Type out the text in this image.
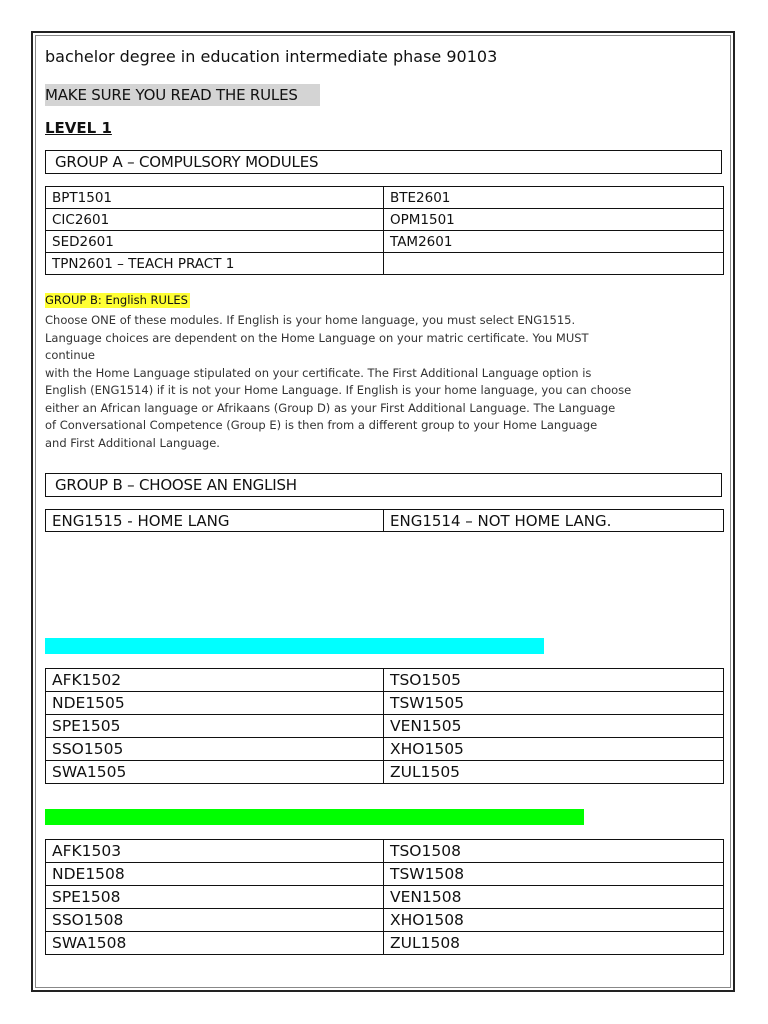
bachelor degree in education intermediate phase 90103
MAKE SURE YOU READ THE RULES
LEVEL 1
GROUP A – COMPULSORY MODULES
BPT1501	BTE2601
CIC2601	OPM1501
SED2601	TAM2601
TPN2601 – TEACH PRACT 1	
GROUP B: English RULES

Choose ONE of these modules. If English is your home language, you must select ENG1515.

Language choices are dependent on the Home Language on your matric certificate. You MUST

continue

with the Home Language stipulated on your certificate. The First Additional Language option is

English (ENG1514) if it is not your Home Language. If English is your home language, you can choose

either an African language or Afrikaans (Group D) as your First Additional Language. The Language

of Conversational Competence (Group E) is then from a different group to your Home Language

and First Additional Language.

GROUP B – CHOOSE AN ENGLISH
ENG1515 - HOME LANG	ENG1514 – NOT HOME LANG.
AFK1502	TSO1505
NDE1505	TSW1505
SPE1505	VEN1505
SSO1505	XHO1505
SWA1505	ZUL1505
AFK1503	TSO1508
NDE1508	TSW1508
SPE1508	VEN1508
SSO1508	XHO1508
SWA1508	ZUL1508
